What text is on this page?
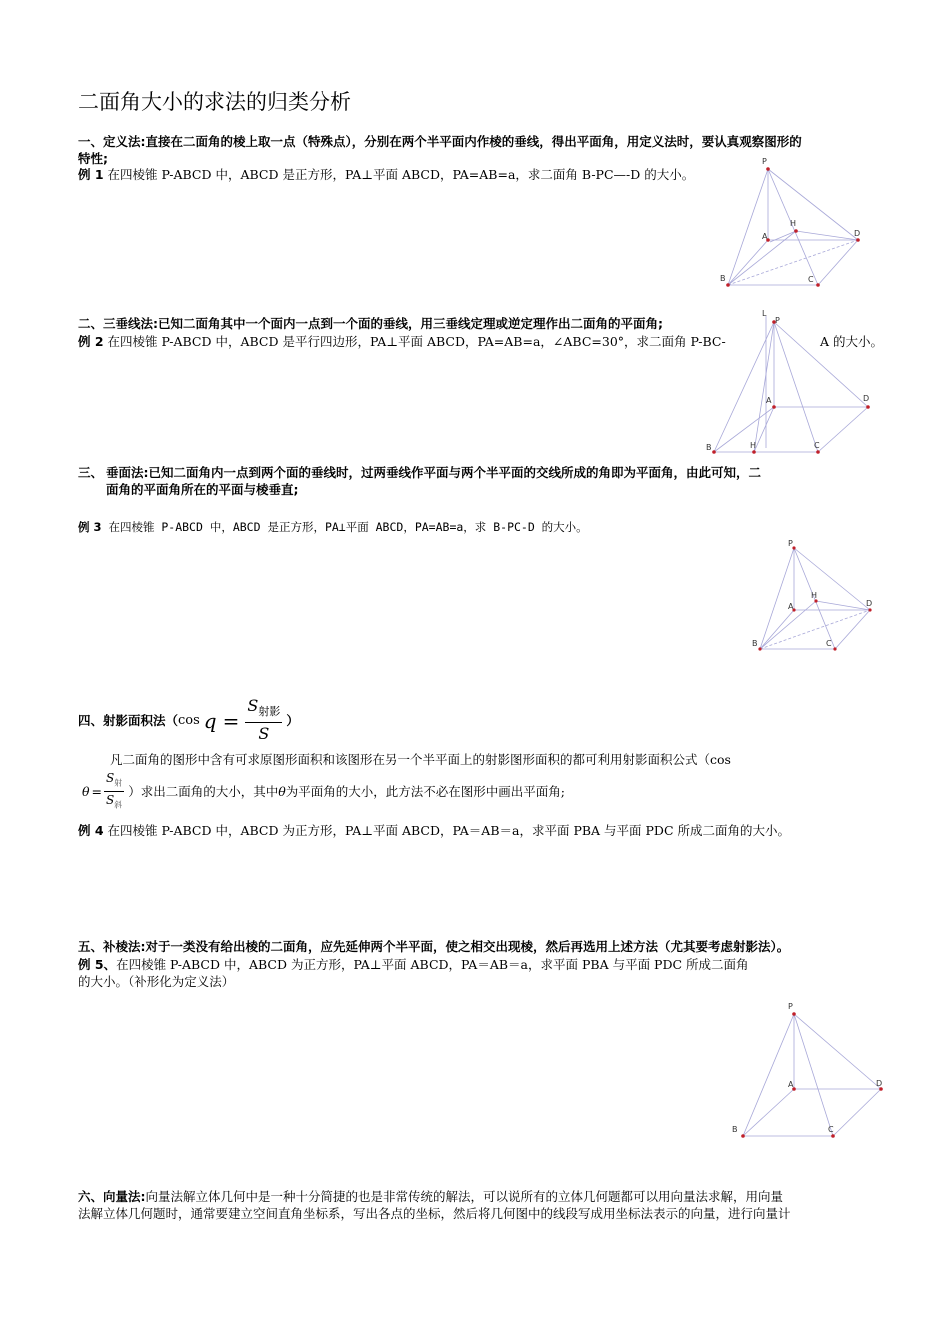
二面角大小的求法的归类分析
一、定义法:直接在二面角的棱上取一点（特殊点），分别在两个半平面内作棱的垂线，得出平面角，用定义法时，要认真观察图形的
特性;
例 1 在四棱锥 P-ABCD 中，ABCD 是正方形，PA⊥平面 ABCD，PA=AB=a，求二面角 B-PC—-D 的大小。
P
A
H
D
B	C
二、三垂线法:已知二面角其中一个面内一点到一个面的垂线，用三垂线定理或逆定理作出二面角的平面角;
例 2 在四棱锥 P-ABCD 中，ABCD 是平行四边形，PA⊥平面 ABCD，PA=AB=a，∠ABC=30°，求二面角 P-BC-	A 的大小。
L
P
A	D
B	H	C
三、 垂面法:已知二面角内一点到两个面的垂线时，过两垂线作平面与两个半平面的交线所成的角即为平面角，由此可知，二
面角的平面角所在的平面与棱垂直;
例 3 在四棱锥 P-ABCD 中，ABCD 是正方形，PA⊥平面 ABCD，PA=AB=a，求 B-PC-D 的大小。
P
A
H
D
B	C
四、射影面积法（ $\cos q = \frac{S_{射影}}{S}$ ）
凡二面角的图形中含有可求原图形面积和该图形在另一个半平面上的射影图形面积的都可利用射影面积公式（cos
$\theta = \frac{S_射}{S_斜}$ ）求出二面角的大小，其中 θ 为平面角的大小，此方法不必在图形中画出平面角;
例 4 在四棱锥 P-ABCD 中，ABCD 为正方形，PA⊥平面 ABCD，PA＝AB＝a，求平面 PBA 与平面 PDC 所成二面角的大小。
五、补棱法:对于一类没有给出棱的二面角，应先延伸两个半平面，使之相交出现棱，然后再选用上述方法（尤其要考虑射影法）。
例 5、在四棱锥 P-ABCD 中，ABCD 为正方形，PA⊥平面 ABCD，PA＝AB＝a，求平面 PBA 与平面 PDC 所成二面角
的大小。（补形化为定义法）
P
A	D
B	C
六、向量法:向量法解立体几何中是一种十分简捷的也是非常传统的解法，可以说所有的立体几何题都可以用向量法求解，用向量
法解立体几何题时，通常要建立空间直角坐标系，写出各点的坐标，然后将几何图中的线段写成用坐标法表示的向量，进行向量计
